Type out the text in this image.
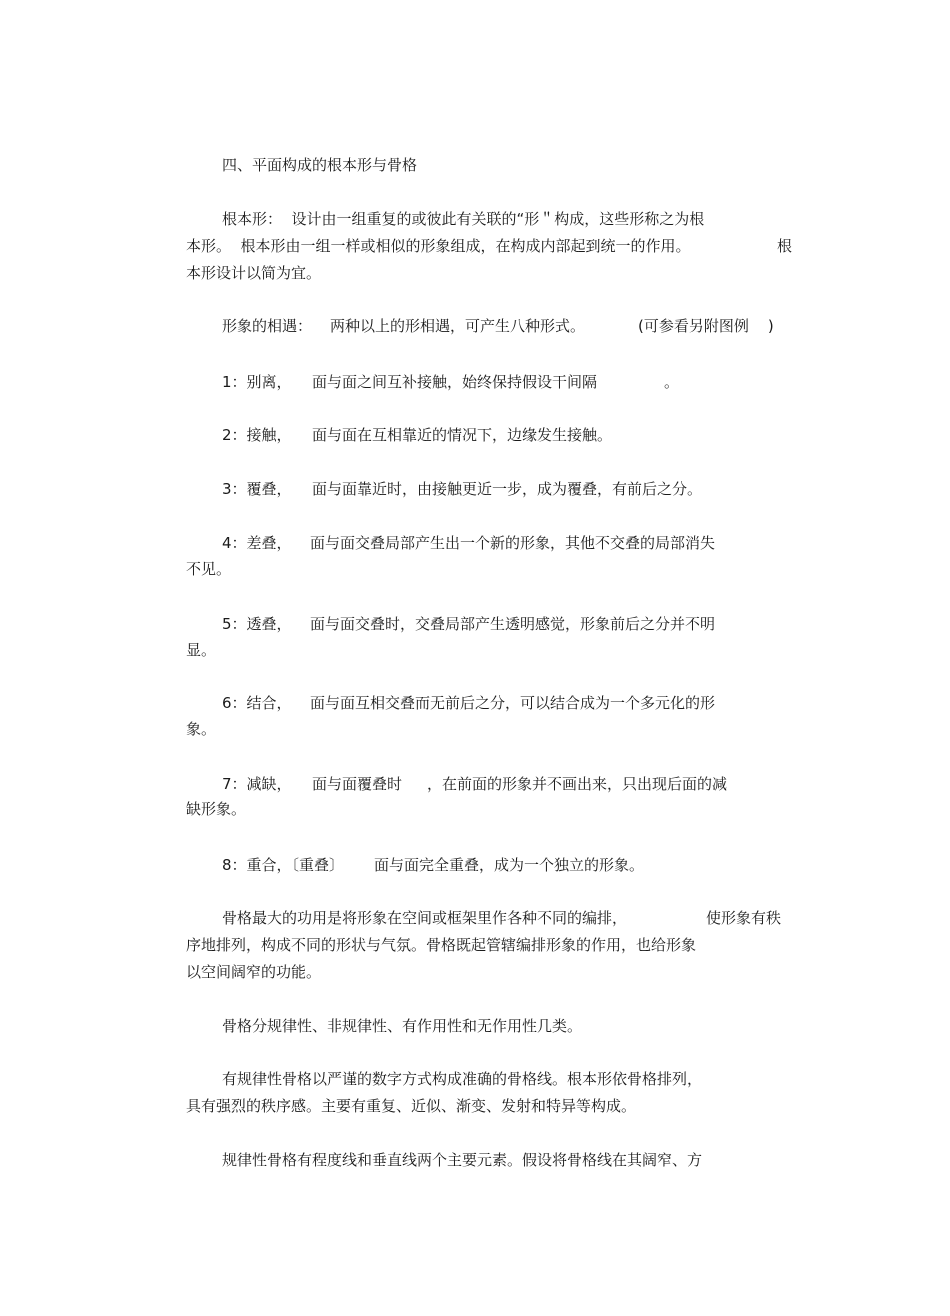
四、平面构成的根本形与骨格

根本形：  设计由一组重复的或彼此有关联的“形＂构成，这些形称之为根

本形。  根本形由一组一样或相似的形象组成，在构成内部起到统一的作用。	根

本形设计以简为宜。

形象的相遇： 两种以上的形相遇，可产生八种形式。	(可参看另附图例    )

1：别离， 面与面之间互补接触，始终保持假设干间隔	。

2：接触， 面与面在互相靠近的情况下，边缘发生接触。

3：覆叠， 面与面靠近时，由接触更近一步，成为覆叠，有前后之分。

4：差叠， 面与面交叠局部产生出一个新的形象，其他不交叠的局部消失

不见。

5：透叠， 面与面交叠时，交叠局部产生透明感觉，形象前后之分并不明

显。

6：结合， 面与面互相交叠而无前后之分，可以结合成为一个多元化的形

象。

7：减缺， 面与面覆叠时 ，在前面的形象并不画出来，只出现后面的减

缺形象。

8：重合，〔重叠〕 面与面完全重叠，成为一个独立的形象。

骨格最大的功用是将形象在空间或框架里作各种不同的编排，	使形象有秩

序地排列，构成不同的形状与气氛。骨格既起管辖编排形象的作用，也给形象

以空间阔窄的功能。

骨格分规律性、非规律性、有作用性和无作用性几类。

有规律性骨格以严谨的数字方式构成准确的骨格线。根本形依骨格排列，

具有强烈的秩序感。主要有重复、近似、渐变、发射和特异等构成。

规律性骨格有程度线和垂直线两个主要元素。假设将骨格线在其阔窄、方
